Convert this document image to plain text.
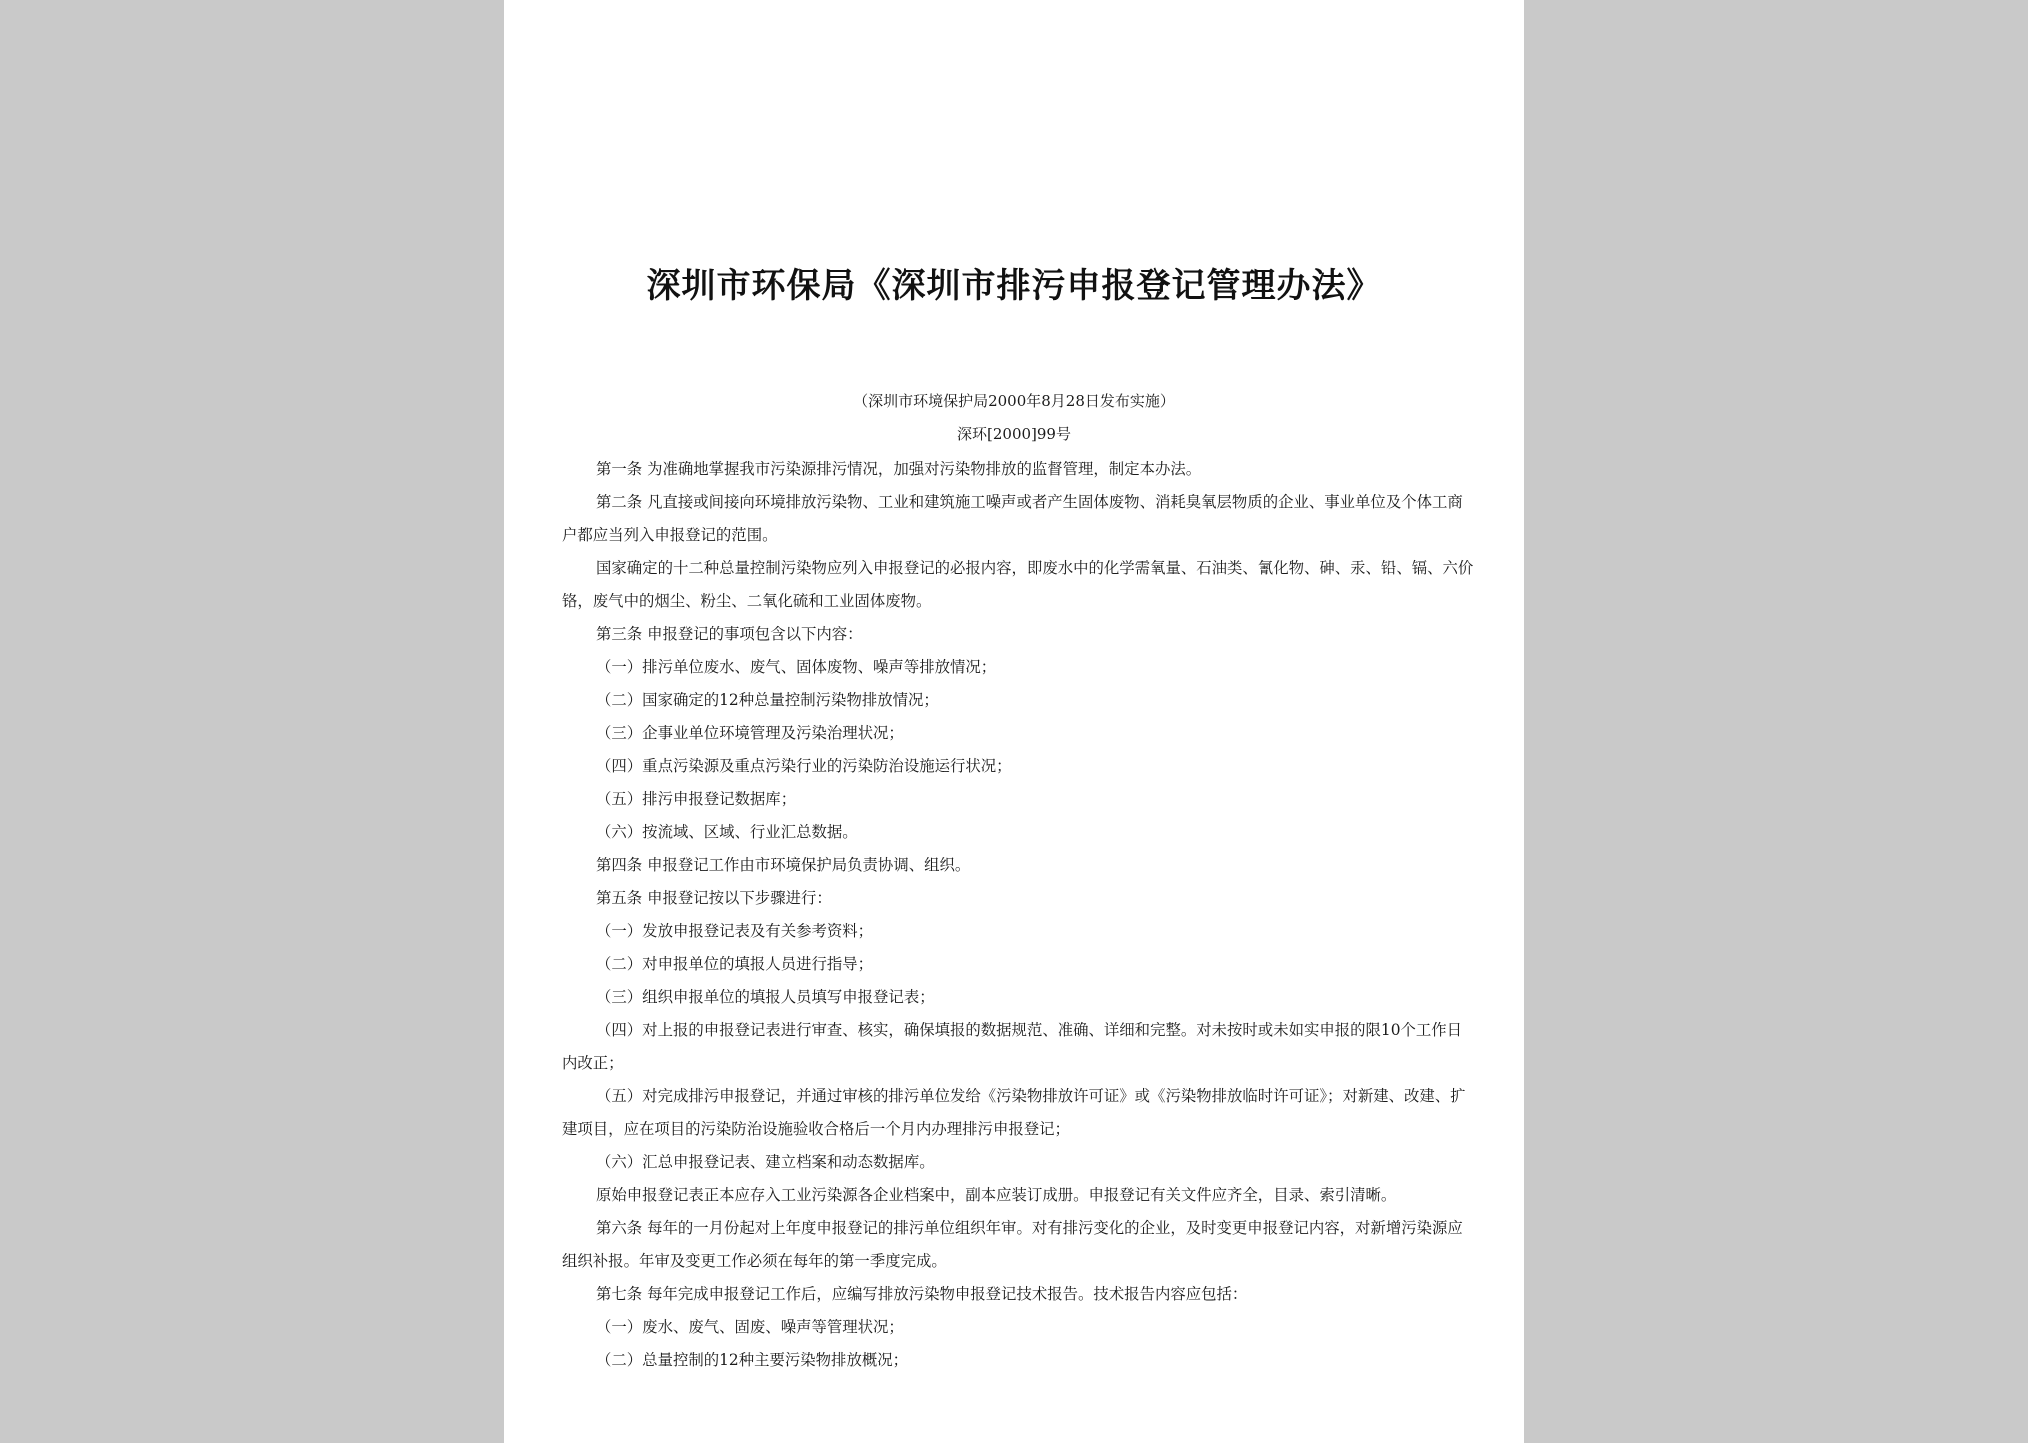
深圳市环保局《深圳市排污申报登记管理办法》
（深圳市环境保护局2000年8月28日发布实施）
深环[2000]99号

第一条 为准确地掌握我市污染源排污情况，加强对污染物排放的监督管理，制定本办法。

第二条 凡直接或间接向环境排放污染物、工业和建筑施工噪声或者产生固体废物、消耗臭氧层物质的企业、事业单位及个体工商户都应当列入申报登记的范围。

国家确定的十二种总量控制污染物应列入申报登记的必报内容，即废水中的化学需氧量、石油类、氰化物、砷、汞、铅、镉、六价铬，废气中的烟尘、粉尘、二氧化硫和工业固体废物。

第三条 申报登记的事项包含以下内容：

（一）排污单位废水、废气、固体废物、噪声等排放情况；

（二）国家确定的12种总量控制污染物排放情况；

（三）企事业单位环境管理及污染治理状况；

（四）重点污染源及重点污染行业的污染防治设施运行状况；

（五）排污申报登记数据库；

（六）按流域、区域、行业汇总数据。

第四条 申报登记工作由市环境保护局负责协调、组织。

第五条 申报登记按以下步骤进行：

（一）发放申报登记表及有关参考资料；

（二）对申报单位的填报人员进行指导；

（三）组织申报单位的填报人员填写申报登记表；

（四）对上报的申报登记表进行审查、核实，确保填报的数据规范、准确、详细和完整。对未按时或未如实申报的限10个工作日内改正；

（五）对完成排污申报登记，并通过审核的排污单位发给《污染物排放许可证》或《污染物排放临时许可证》；对新建、改建、扩建项目，应在项目的污染防治设施验收合格后一个月内办理排污申报登记；

（六）汇总申报登记表、建立档案和动态数据库。

原始申报登记表正本应存入工业污染源各企业档案中，副本应装订成册。申报登记有关文件应齐全，目录、索引清晰。

第六条 每年的一月份起对上年度申报登记的排污单位组织年审。对有排污变化的企业，及时变更申报登记内容，对新增污染源应组织补报。年审及变更工作必须在每年的第一季度完成。

第七条 每年完成申报登记工作后，应编写排放污染物申报登记技术报告。技术报告内容应包括：

（一）废水、废气、固废、噪声等管理状况；

（二）总量控制的12种主要污染物排放概况；
